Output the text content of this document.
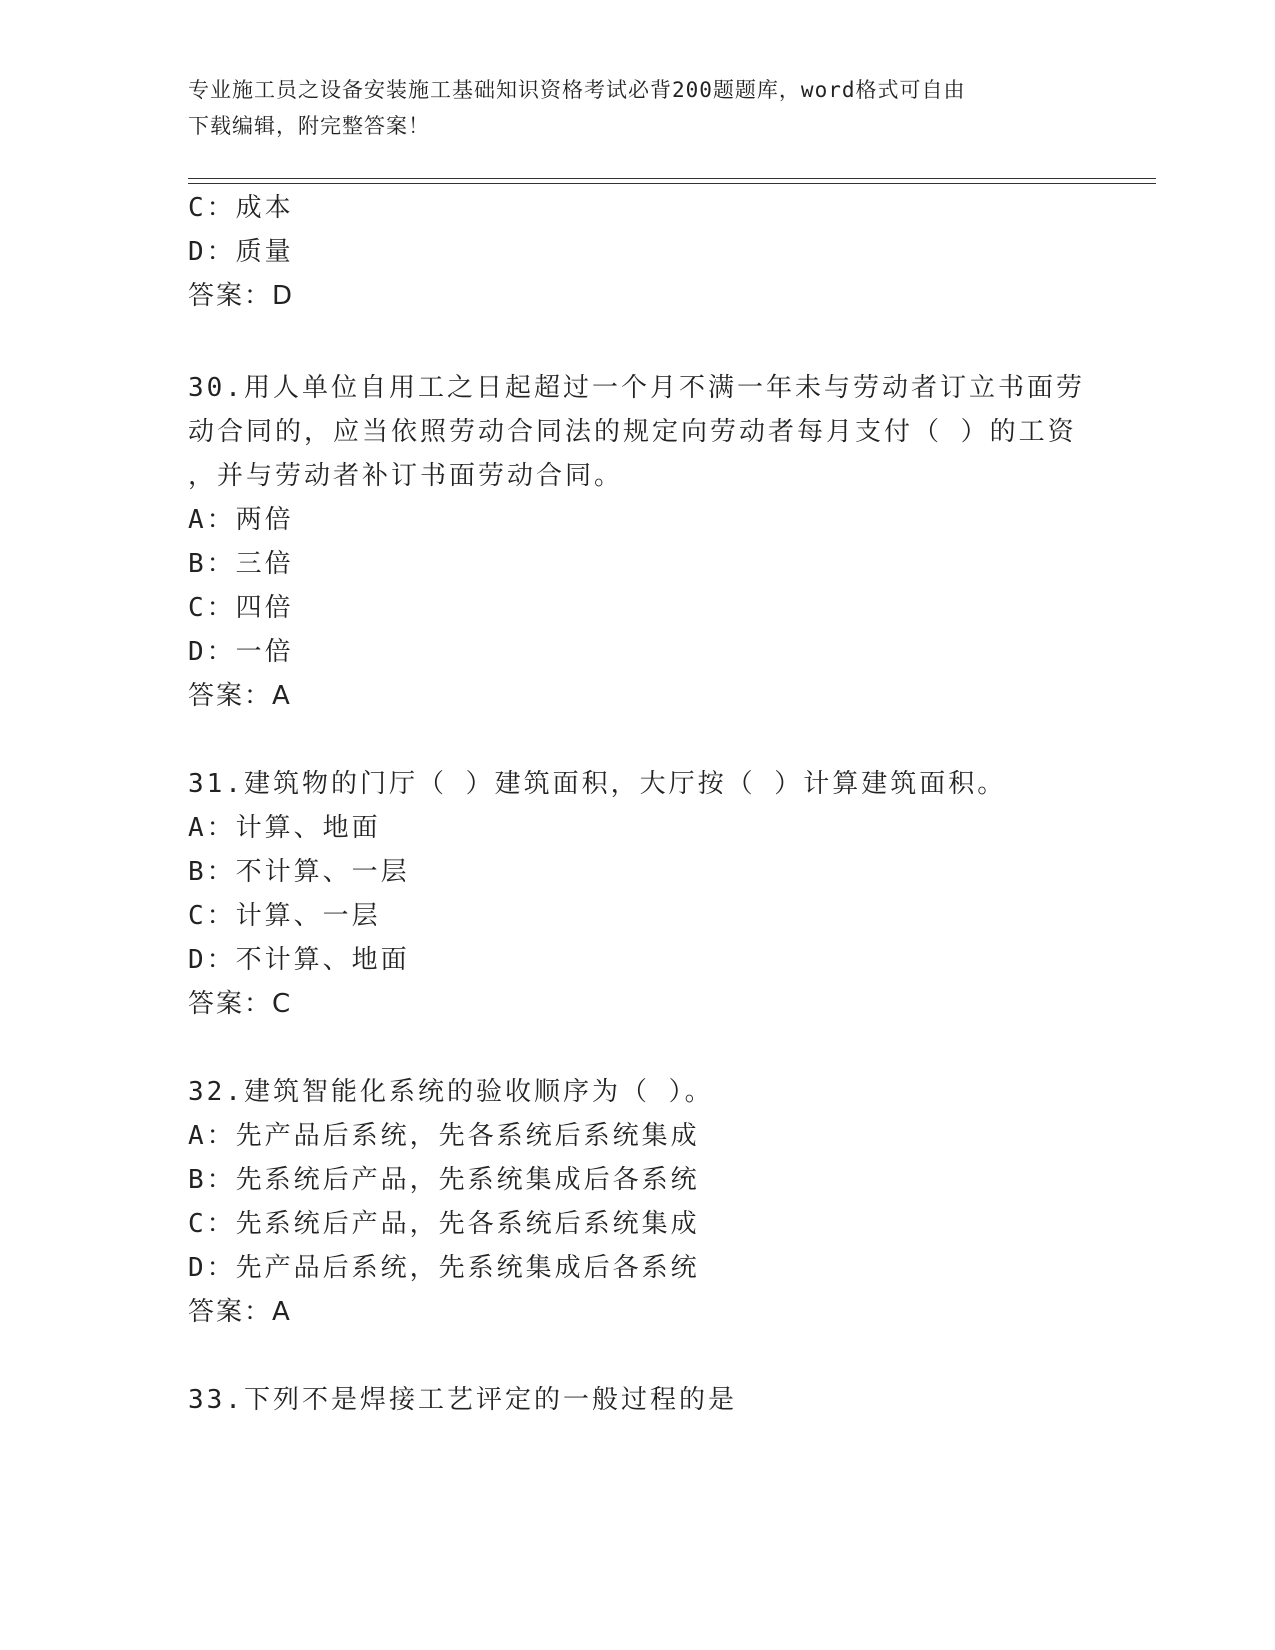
专业施工员之设备安装施工基础知识资格考试必背200题题库，word格式可自由
下载编辑，附完整答案！
C：成本
D：质量
答案：D
30.用人单位自用工之日起超过一个月不满一年未与劳动者订立书面劳
动合同的，应当依照劳动合同法的规定向劳动者每月支付（ ）的工资
，并与劳动者补订书面劳动合同。
A：两倍
B：三倍
C：四倍
D：一倍
答案：A
31.建筑物的门厅（ ）建筑面积，大厅按（ ）计算建筑面积。
A：计算、地面
B：不计算、一层
C：计算、一层
D：不计算、地面
答案：C
32.建筑智能化系统的验收顺序为（ ）。
A：先产品后系统，先各系统后系统集成
B：先系统后产品，先系统集成后各系统
C：先系统后产品，先各系统后系统集成
D：先产品后系统，先系统集成后各系统
答案：A
33.下列不是焊接工艺评定的一般过程的是
